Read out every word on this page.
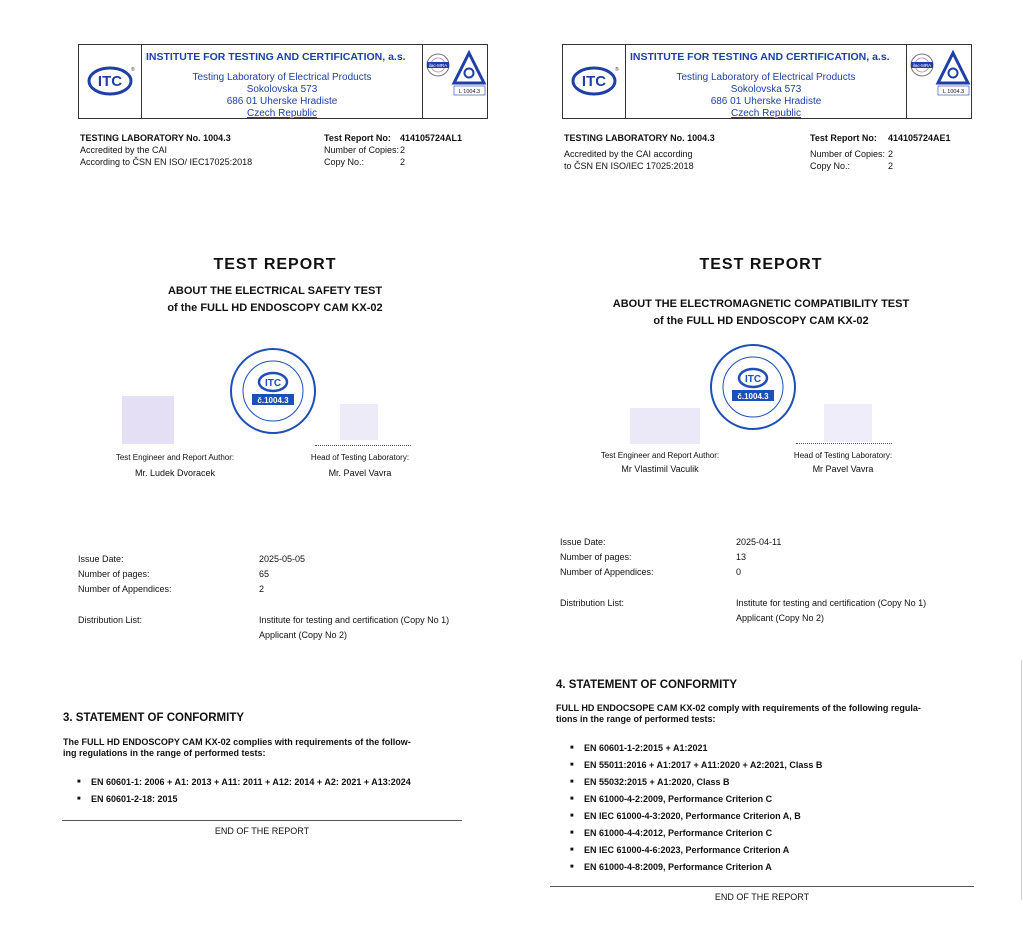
ITC
®
INSTITUTE FOR TESTING AND CERTIFICATION, a.s.
Testing Laboratory of Electrical Products
Sokolovska 573
686 01 Uherske Hradiste
Czech Republic
ilac-MRA
L 1004.3
TESTING LABORATORY No. 1004.3
Accredited by the CAI
According to ČSN EN ISO/ IEC17025:2018
Test Report No:
Number of Copies:
Copy No.:
414105724AL1
2
2
TEST REPORT
ABOUT THE ELECTRICAL SAFETY TEST
of the FULL HD ENDOSCOPY CAM KX-02
ITC
č.1004.3
Test Engineer and Report Author:
Mr. Ludek Dvoracek
Head of Testing Laboratory:
Mr. Pavel Vavra
Issue Date:
Number of pages:
Number of Appendices:
2025-05-05
65
2
Distribution List:	Institute for testing and certification (Copy No 1)
Applicant (Copy No 2)
3. STATEMENT OF CONFORMITY
The FULL HD ENDOSCOPY CAM KX-02 complies with requirements of the follow-
ing regulations in the range of performed tests:
■ EN 60601-1: 2006 + A1: 2013 + A11: 2011 + A12: 2014 + A2: 2021 + A13:2024
■ EN 60601-2-18: 2015
END OF THE REPORT
ITC
®
INSTITUTE FOR TESTING AND CERTIFICATION, a.s.
Testing Laboratory of Electrical Products
Sokolovska 573
686 01 Uherske Hradiste
Czech Republic
ilac-MRA
L 1004.3
TESTING LABORATORY No. 1004.3
Accredited by the CAI according
to ČSN EN ISO/IEC 17025:2018
Test Report No:
Number of Copies:
Copy No.:
414105724AE1
2
2
TEST REPORT
ABOUT THE ELECTROMAGNETIC COMPATIBILITY TEST
of the FULL HD ENDOSCOPY CAM KX-02
ITC
č.1004.3
Test Engineer and Report Author:
Mr Vlastimil Vaculik
Head of Testing Laboratory:
Mr Pavel Vavra
Issue Date:
Number of pages:
Number of Appendices:
2025-04-11
13
0
Distribution List:	Institute for testing and certification (Copy No 1)
Applicant (Copy No 2)
4. STATEMENT OF CONFORMITY
FULL HD ENDOCSOPE CAM KX-02 comply with requirements of the following regula-
tions in the range of performed tests:
■ EN 60601-1-2:2015 + A1:2021
■ EN 55011:2016 + A1:2017 + A11:2020 + A2:2021, Class B
■ EN 55032:2015 + A1:2020, Class B
■ EN 61000-4-2:2009, Performance Criterion C
■ EN IEC 61000-4-3:2020, Performance Criterion A, B
■ EN 61000-4-4:2012, Performance Criterion C
■ EN IEC 61000-4-6:2023, Performance Criterion A
■ EN 61000-4-8:2009, Performance Criterion A
END OF THE REPORT
